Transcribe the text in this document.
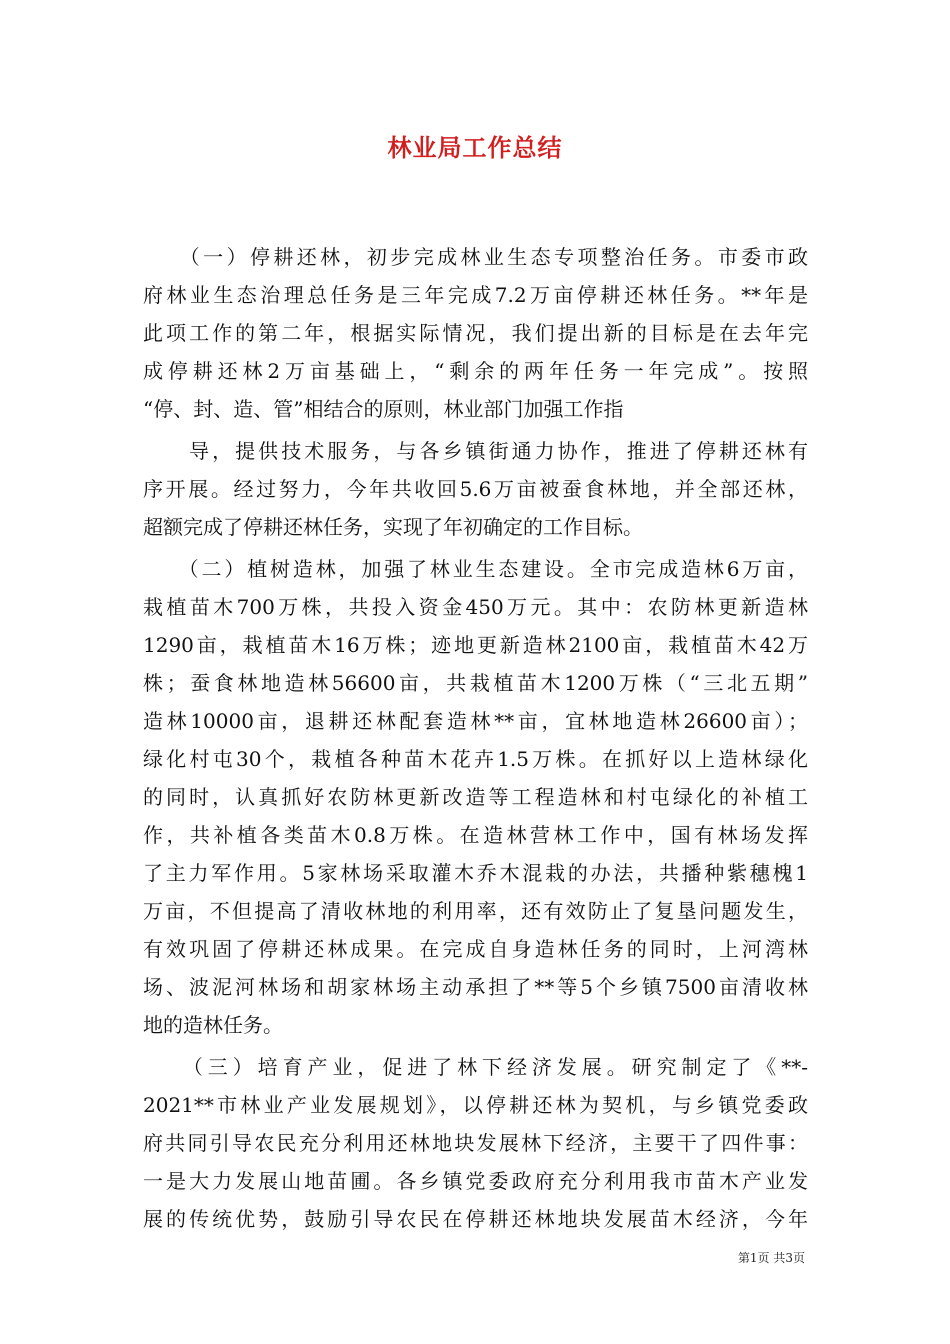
林业局工作总结
　　（一）停耕还林，初步完成林业生态专项整治任务。市委市政
府林业生态治理总任务是三年完成7.2万亩停耕还林任务。**年是
此项工作的第二年，根据实际情况，我们提出新的目标是在去年完
成停耕还林2万亩基础上，“剩余的两年任务一年完成”。按照
“停、封、造、管”相结合的原则，林业部门加强工作指
　　导，提供技术服务，与各乡镇街通力协作，推进了停耕还林有
序开展。经过努力，今年共收回5.6万亩被蚕食林地，并全部还林，
超额完成了停耕还林任务，实现了年初确定的工作目标。
　　（二）植树造林，加强了林业生态建设。全市完成造林6万亩，
栽植苗木700万株，共投入资金450万元。其中：农防林更新造林
1290亩，栽植苗木16万株；迹地更新造林2100亩，栽植苗木42万
株；蚕食林地造林56600亩，共栽植苗木1200万株（“三北五期”
造林10000亩，退耕还林配套造林**亩，宜林地造林26600亩）；
绿化村屯30个，栽植各种苗木花卉1.5万株。在抓好以上造林绿化
的同时，认真抓好农防林更新改造等工程造林和村屯绿化的补植工
作，共补植各类苗木0.8万株。在造林营林工作中，国有林场发挥
了主力军作用。5家林场采取灌木乔木混栽的办法，共播种紫穗槐1
万亩，不但提高了清收林地的利用率，还有效防止了复垦问题发生，
有效巩固了停耕还林成果。在完成自身造林任务的同时，上河湾林
场、波泥河林场和胡家林场主动承担了**等5个乡镇7500亩清收林
地的造林任务。
　　（三）培育产业，促进了林下经济发展。研究制定了《**-
2021**市林业产业发展规划》，以停耕还林为契机，与乡镇党委政
府共同引导农民充分利用还林地块发展林下经济，主要干了四件事：
一是大力发展山地苗圃。各乡镇党委政府充分利用我市苗木产业发
展的传统优势，鼓励引导农民在停耕还林地块发展苗木经济，今年
第1页 共3页
